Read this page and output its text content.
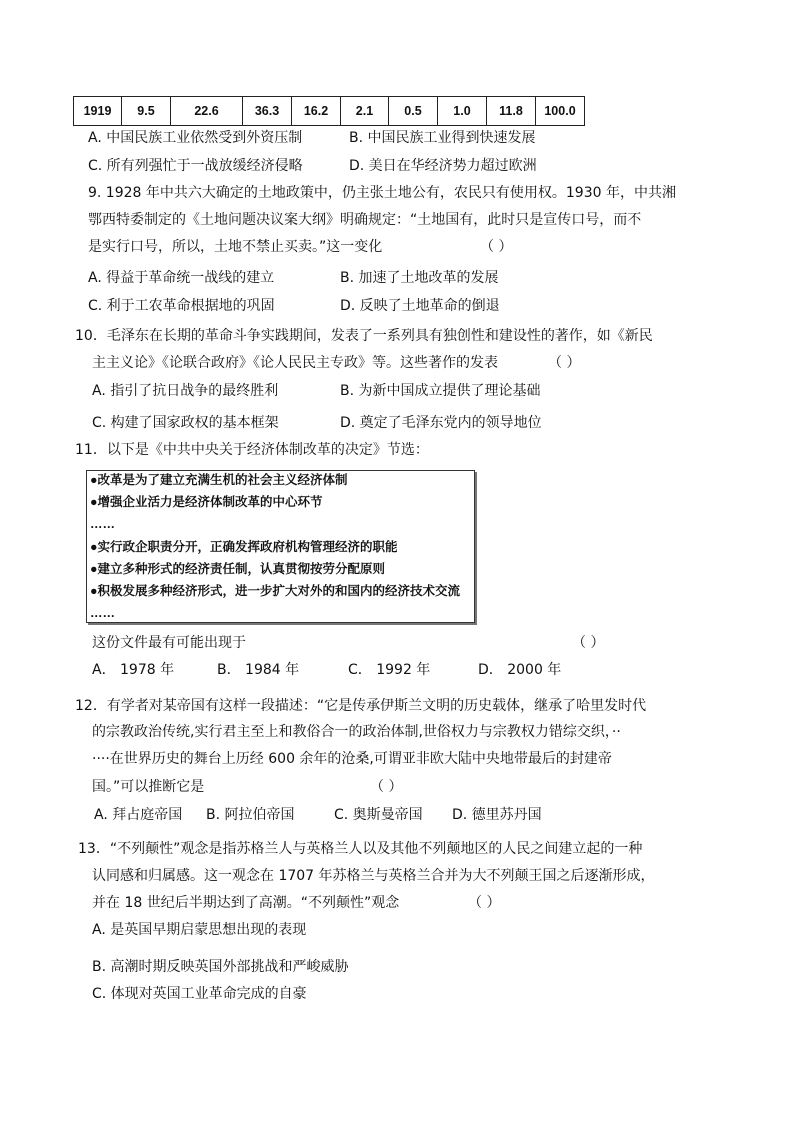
1919	9.5	22.6	36.3	16.2	2.1	0.5	1.0	11.8	100.0
A. 中国民族工业依然受到外资压制	B. 中国民族工业得到快速发展
C. 所有列强忙于一战放缓经济侵略	D. 美日在华经济势力超过欧洲
9. 1928 年中共六大确定的土地政策中，仍主张土地公有，农民只有使用权。1930 年，中共湘
鄂西特委制定的《土地问题决议案大纲》明确规定：“土地国有，此时只是宣传口号，而不
是实行口号，所以，土地不禁止买卖。”这一变化	（ ）
A. 得益于革命统一战线的建立	B. 加速了土地改革的发展
C. 利于工农革命根据地的巩固	D. 反映了土地革命的倒退
10．毛泽东在长期的革命斗争实践期间，发表了一系列具有独创性和建设性的著作，如《新民
主主义论》《论联合政府》《论人民民主专政》等。这些著作的发表	（ ）
A. 指引了抗日战争的最终胜利	B. 为新中国成立提供了理论基础
C. 构建了国家政权的基本框架	D. 奠定了毛泽东党内的领导地位
11．以下是《中共中央关于经济体制改革的决定》节选：
●改革是为了建立充满生机的社会主义经济体制
●增强企业活力是经济体制改革的中心环节
……
●实行政企职责分开，正确发挥政府机构管理经济的职能
●建立多种形式的经济责任制，认真贯彻按劳分配原则
●积极发展多种经济形式，进一步扩大对外的和国内的经济技术交流
……
这份文件最有可能出现于	（ ）
A． 1978 年	B． 1984 年	C． 1992 年	D． 2000 年
12．有学者对某帝国有这样一段描述：“它是传承伊斯兰文明的历史载体，继承了哈里发时代
的宗教政治传统,实行君主至上和教俗合一的政治体制,世俗权力与宗教权力错综交织，··
····在世界历史的舞台上历经 600 余年的沧桑,可谓亚非欧大陆中央地带最后的封建帝
国。”可以推断它是	（ ）
A. 拜占庭帝国 B. 阿拉伯帝国	C. 奥斯曼帝国 D. 德里苏丹国
13．“不列颠性”观念是指苏格兰人与英格兰人以及其他不列颠地区的人民之间建立起的一种
认同感和归属感。这一观念在 1707 年苏格兰与英格兰合并为大不列颠王国之后逐渐形成，
并在 18 世纪后半期达到了高潮。“不列颠性”观念	（ ）
A. 是英国早期启蒙思想出现的表现
B. 高潮时期反映英国外部挑战和严峻威胁
C. 体现对英国工业革命完成的自豪
